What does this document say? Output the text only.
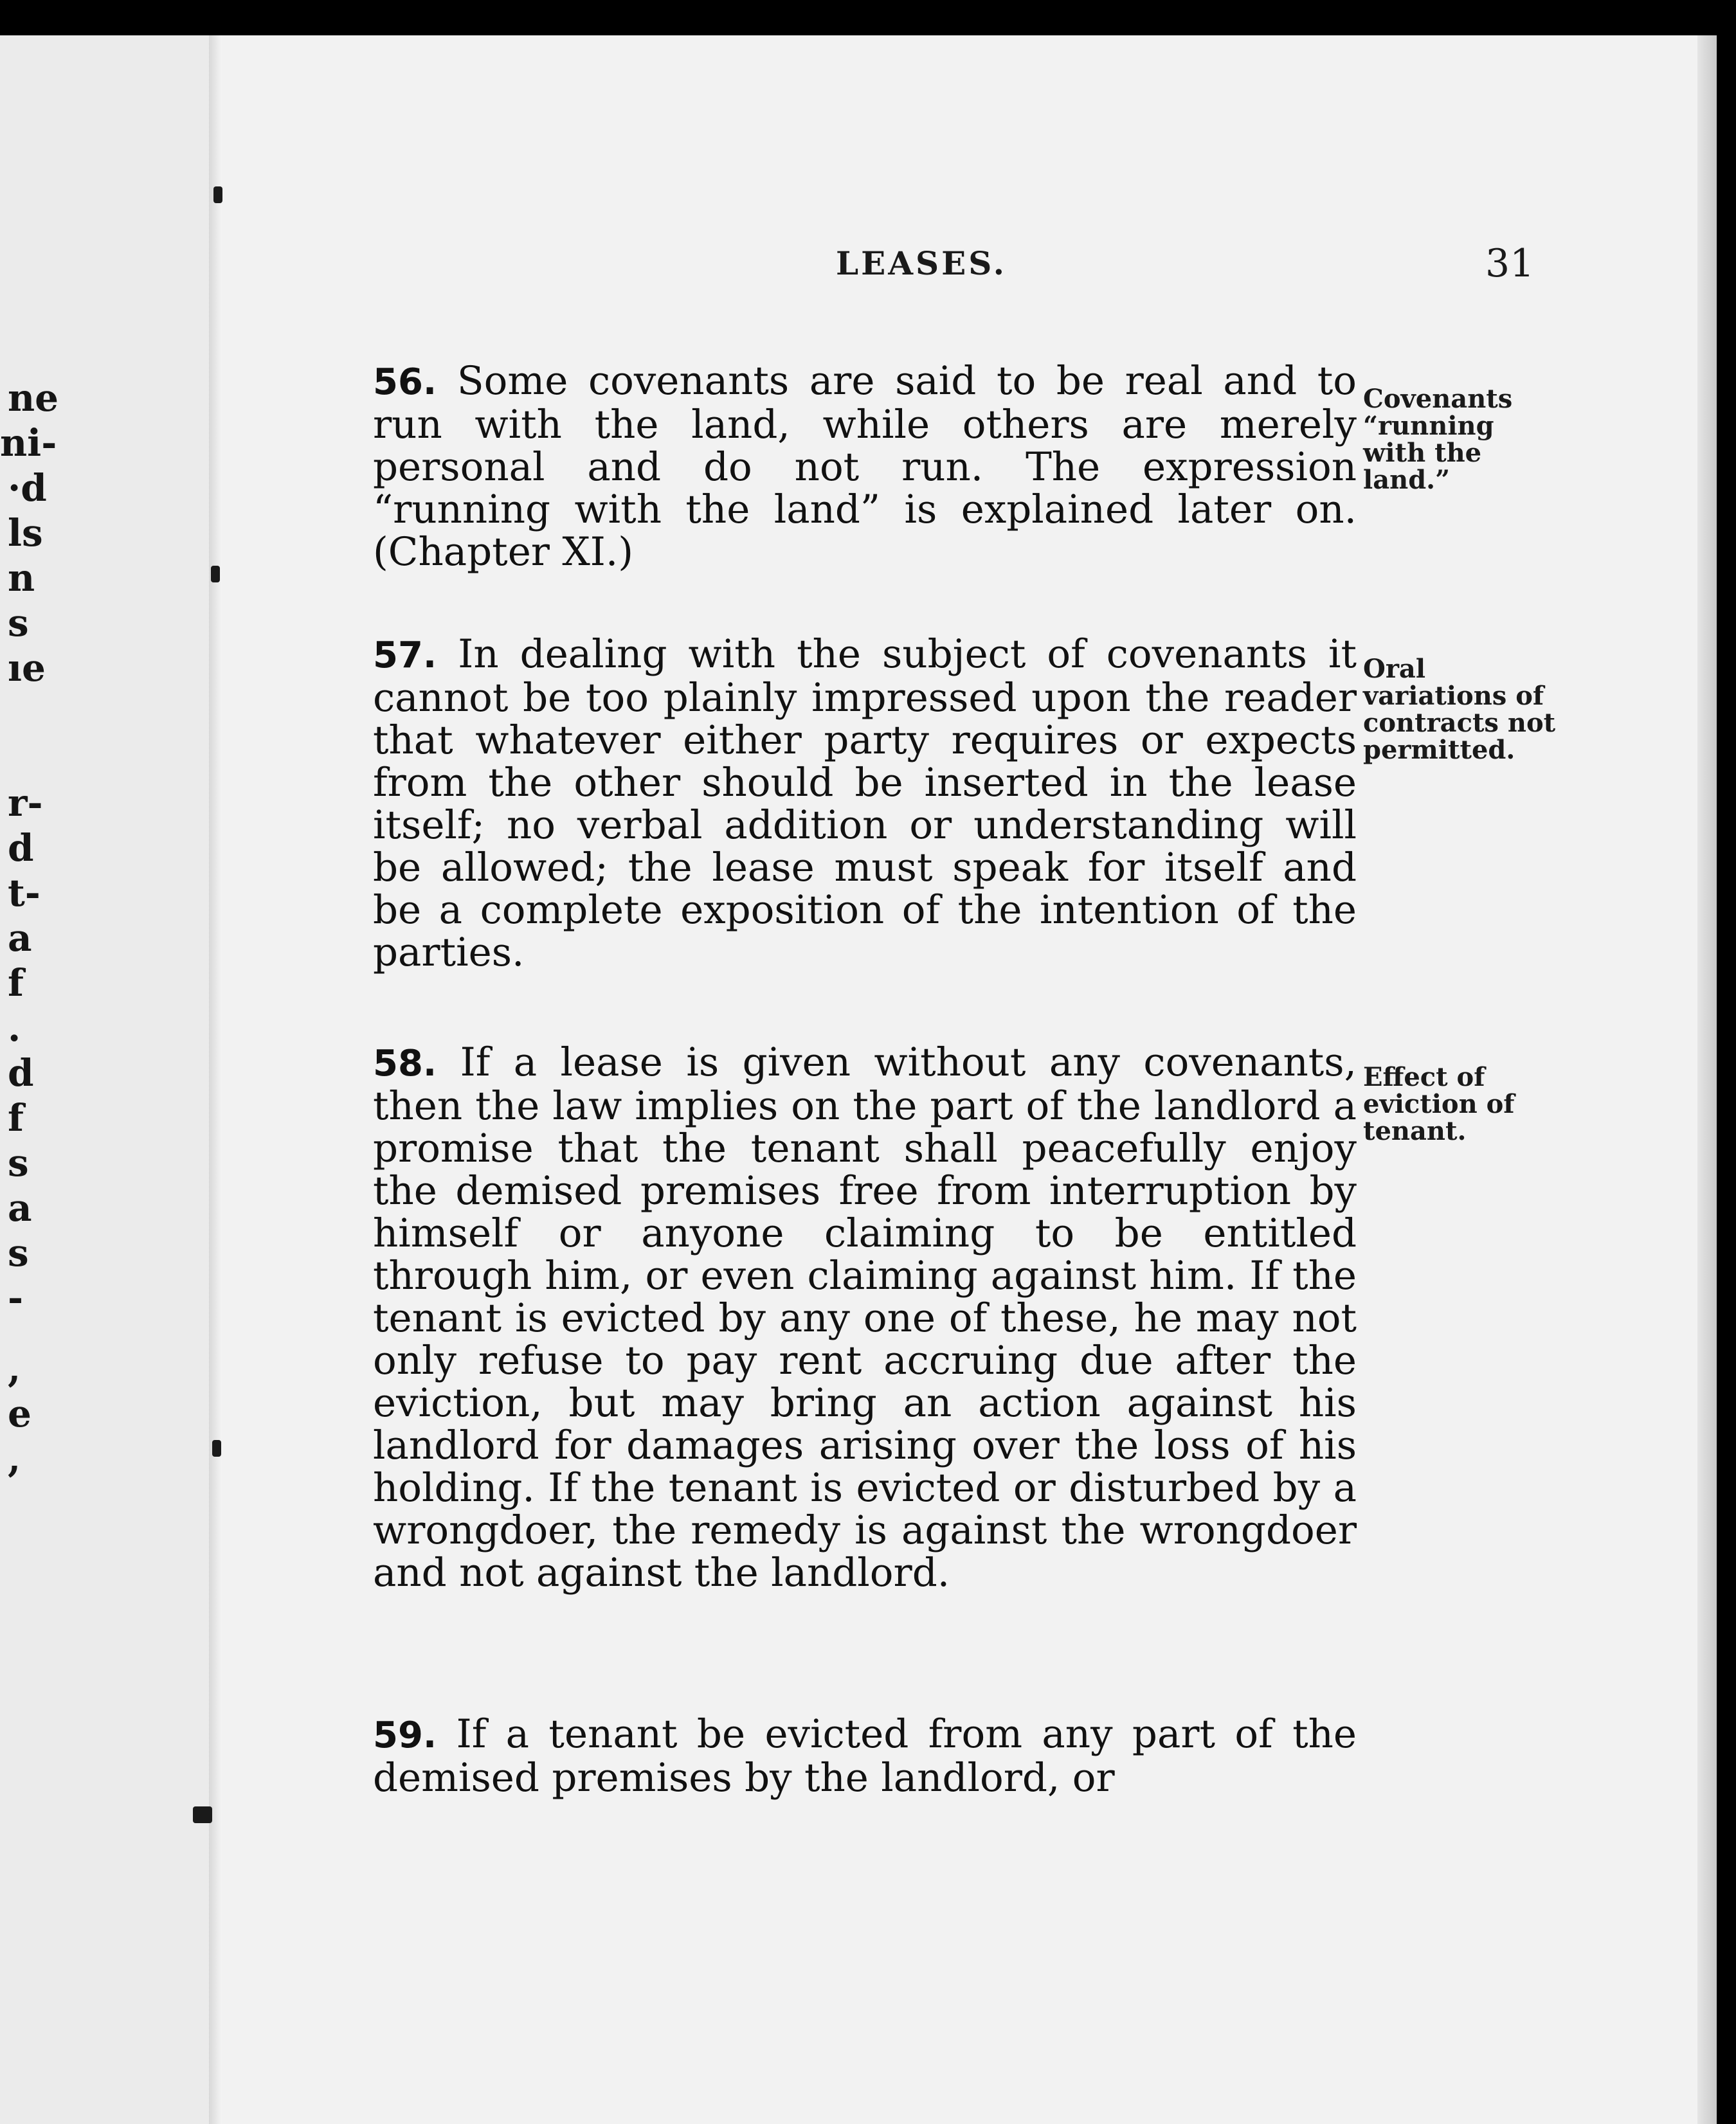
ne
ni-
·d
ls
n
s
ıe
r-
d
t-
a
f
.
d
f
s
a
s
-
,
e
,
LEASES.	31
56. Some covenants are said to be real and to run with the land, while others are merely personal and do not run. The expression “running with the land” is explained later on. (Chapter XI.)
Covenants “running with the land.”
57. In dealing with the subject of covenants it cannot be too plainly impressed upon the reader that whatever either party requires or expects from the other should be inserted in the lease itself; no verbal addition or understanding will be allowed; the lease must speak for itself and be a complete exposition of the intention of the parties.
Oral variations of contracts not permitted.
58. If a lease is given without any covenants, then the law implies on the part of the landlord a promise that the tenant shall peacefully enjoy the demised premises free from interruption by himself or anyone claiming to be entitled through him, or even claiming against him. If the tenant is evicted by any one of these, he may not only refuse to pay rent accruing due after the eviction, but may bring an action against his landlord for damages arising over the loss of his holding. If the tenant is evicted or disturbed by a wrongdoer, the remedy is against the wrongdoer and not against the landlord.
Effect of eviction of tenant.
59. If a tenant be evicted from any part of the demised premises by the landlord, or
